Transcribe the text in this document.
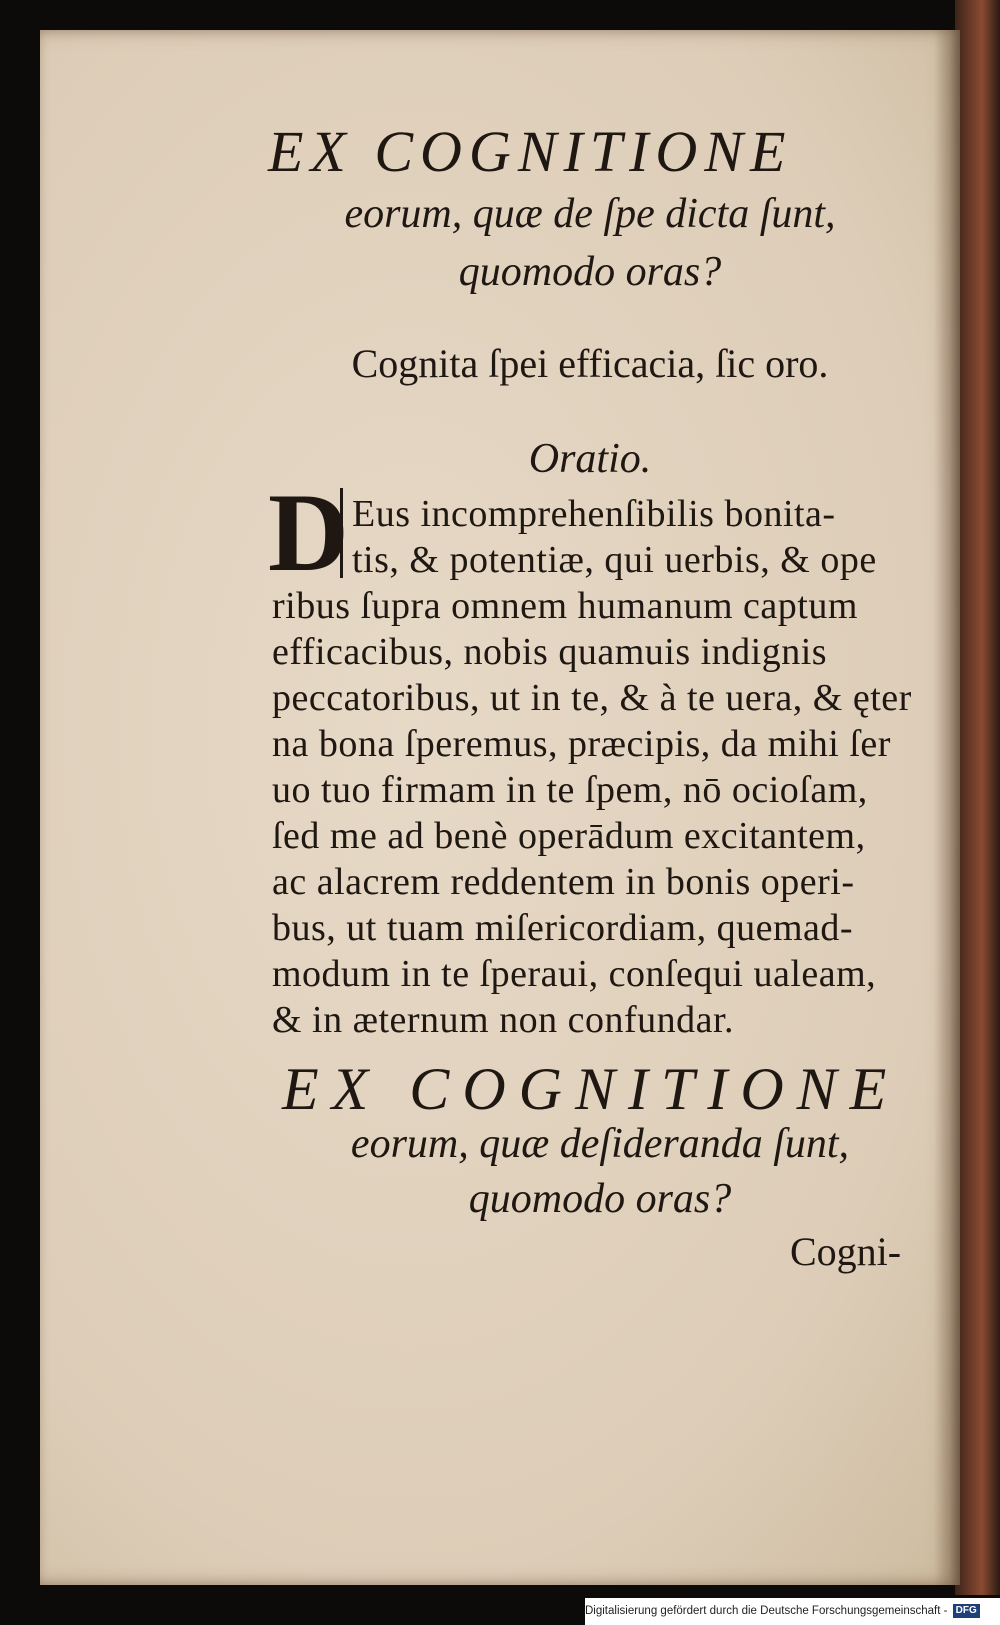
EX COGNITIONE
eorum, quæ de ſpe dicta ſunt,
quomodo oras?
Cognita ſpei efficacia, ſic oro.
Oratio.
D Eus incomprehenſibilis bonita-
tis, & potentiæ, qui uerbis, & ope
ribus ſupra omnem humanum captum
efficacibus, nobis quamuis indignis
peccatoribus, ut in te, & à te uera, & ęter
na bona ſperemus, præcipis, da mihi ſer
uo tuo firmam in te ſpem, nō ocioſam,
ſed me ad benè operādum excitantem,
ac alacrem reddentem in bonis operi-
bus, ut tuam miſericordiam, quemad-
modum in te ſperaui, conſequi ualeam,
& in æternum non confundar.
EX COGNITIONE
eorum, quæ deſideranda ſunt,
quomodo oras?
Cogni-
Digitalisierung gefördert durch die Deutsche Forschungsgemeinschaft - DFG
